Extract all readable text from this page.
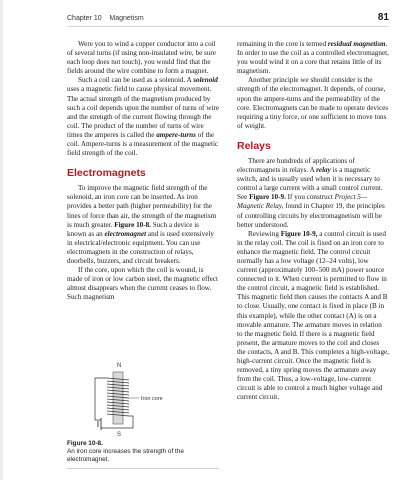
Chapter 10 Magnetism	81

Were you to wind a copper conductor into a coil of several turns (if using non-insulated wire, be sure each loop does not touch), you would find that the fields around the wire combine to form a magnet.

Such a coil can be used as a solenoid. A solenoid uses a magnetic field to cause physical movement. The actual strength of the magnetism produced by such a coil depends upon the number of turns of wire and the strength of the current flowing through the coil. The product of the number of turns of wire times the amperes is called the ampere-turns of the coil. Ampere-turns is a measurement of the magnetic field strength of the coil.

Electromagnets

To improve the magnetic field strength of the solenoid, an iron core can be inserted. As iron provides a better path (higher permeability) for the lines of force than air, the strength of the magnetism is much greater. Figure 10-8. Such a device is known as an electromagnet and is used extensively in electrical/electronic equipment. You can use electromagnets in the construction of relays, doorbells, buzzers, and circuit breakers.

If the core, upon which the coil is wound, is made of iron or low carbon steel, the magnetic effect almost disappears when the current ceases to flow. Such magnetism

N
Iron core
S
Figure 10-8.
An iron core increases the strength of the electromagnet.

remaining in the core is termed residual magnetism. In order to use the coil as a controlled electromagnet, you would wind it on a core that retains little of its magnetism.

Another principle we should consider is the strength of the electromagnet. It depends, of course, upon the ampere-turns and the permeability of the core. Electromagnets can be made to operate devices requiring a tiny force, or one sufficient to move tons of weight.

Relays

There are hundreds of applications of electromagnets in relays. A relay is a magnetic switch, and is usually used when it is necessary to control a large current with a small control current. See Figure 10-9. If you construct Project 5—Magnetic Relay, found in Chapter 19, the principles of controlling circuits by electromagnetism will be better understood.

Reviewing Figure 10-9, a control circuit is used in the relay coil. The coil is fixed on an iron core to enhance the magnetic field. The control circuit normally has a low voltage (12–24 volts), low current (approximately 100–500 mA) power source connected to it. When current is permitted to flow in the control circuit, a magnetic field is established. This magnetic field then causes the contacts A and B to close. Usually, one contact is fixed in place (B in this example), while the other contact (A) is on a movable armature. The armature moves in relation to the magnetic field. If there is a magnetic field present, the armature moves to the coil and closes the contacts, A and B. This completes a high-voltage, high-current circuit. Once the magnetic field is removed, a tiny spring moves the armature away from the coil. Thus, a low-voltage, low-current circuit is able to control a much higher voltage and current circuit.
